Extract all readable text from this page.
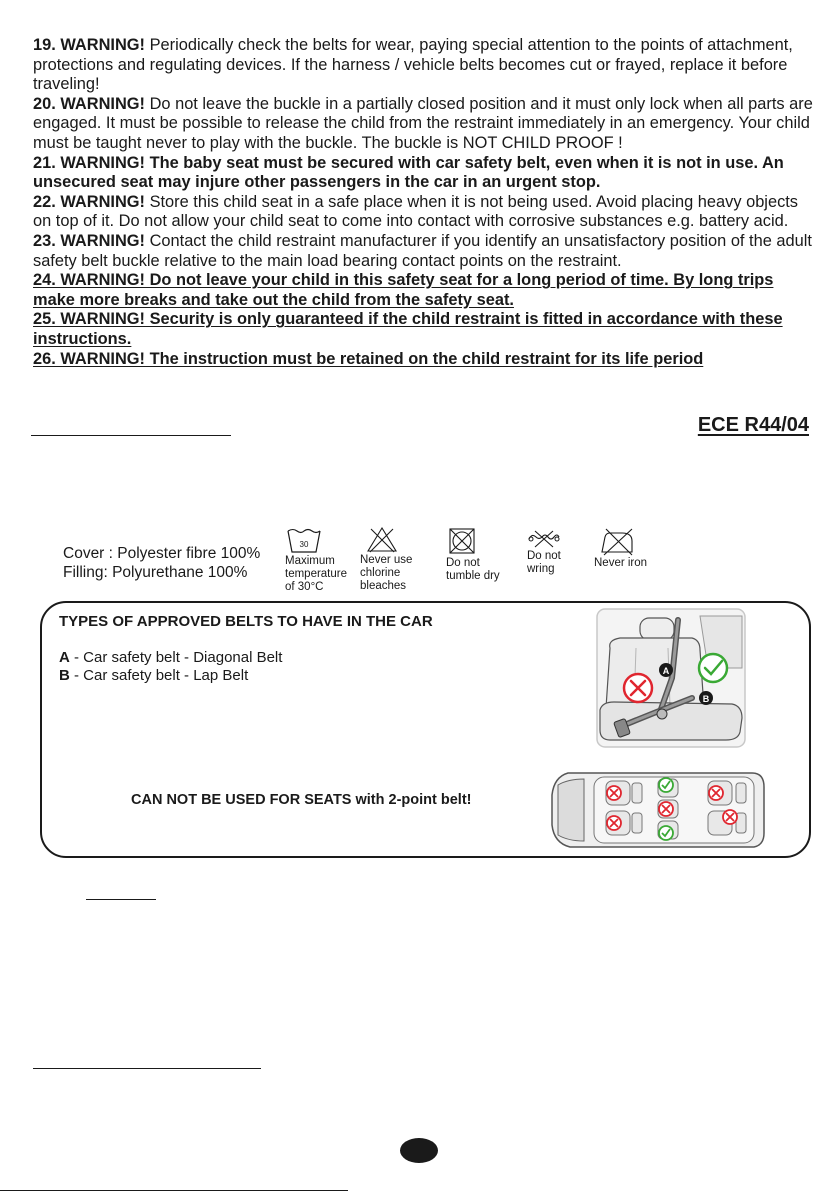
19. WARNING! Periodically check the belts for wear, paying special attention to the points of attachment, protections and regulating devices. If the harness / vehicle belts becomes cut or frayed, replace it before traveling!

20. WARNING! Do not leave the buckle in a partially closed position and it must only lock when all parts are engaged. It must be possible to release the child from the restraint immediately in an emergency. Your child must be taught never to play with the buckle. The buckle is NOT CHILD PROOF !

21. WARNING! The baby seat must be secured with car safety belt, even when it is not in use. An unsecured seat may injure other passengers in the car in an urgent stop.

22. WARNING! Store this child seat in a safe place when it is not being used. Avoid placing heavy objects on top of it. Do not allow your child seat to come into contact with corrosive substances e.g. battery acid.

23. WARNING! Contact the child restraint manufacturer if you identify an unsatisfactory position of the adult safety belt buckle relative to the main load bearing contact points on the restraint.

24. WARNING! Do not leave your child in this safety seat for a long period of time. By long trips make more breaks and take out the child from the safety seat.

25. WARNING! Security is only guaranteed if the child restraint is fitted in accordance with these instructions.

26. WARNING! The instruction must be retained on the child restraint for its life period

ECE R44/04
Cover : Polyester fibre 100%
Filling: Polyurethane 100%
30
Maximum
temperature
of 30°C
Never use
chlorine
bleaches
Do not
tumble dry
Do not
wring	Never iron
TYPES OF APPROVED BELTS TO HAVE IN THE CAR
A - Car safety belt - Diagonal Belt
B - Car safety belt - Lap Belt
CAN NOT BE USED FOR SEATS with 2-point belt!
A
B
